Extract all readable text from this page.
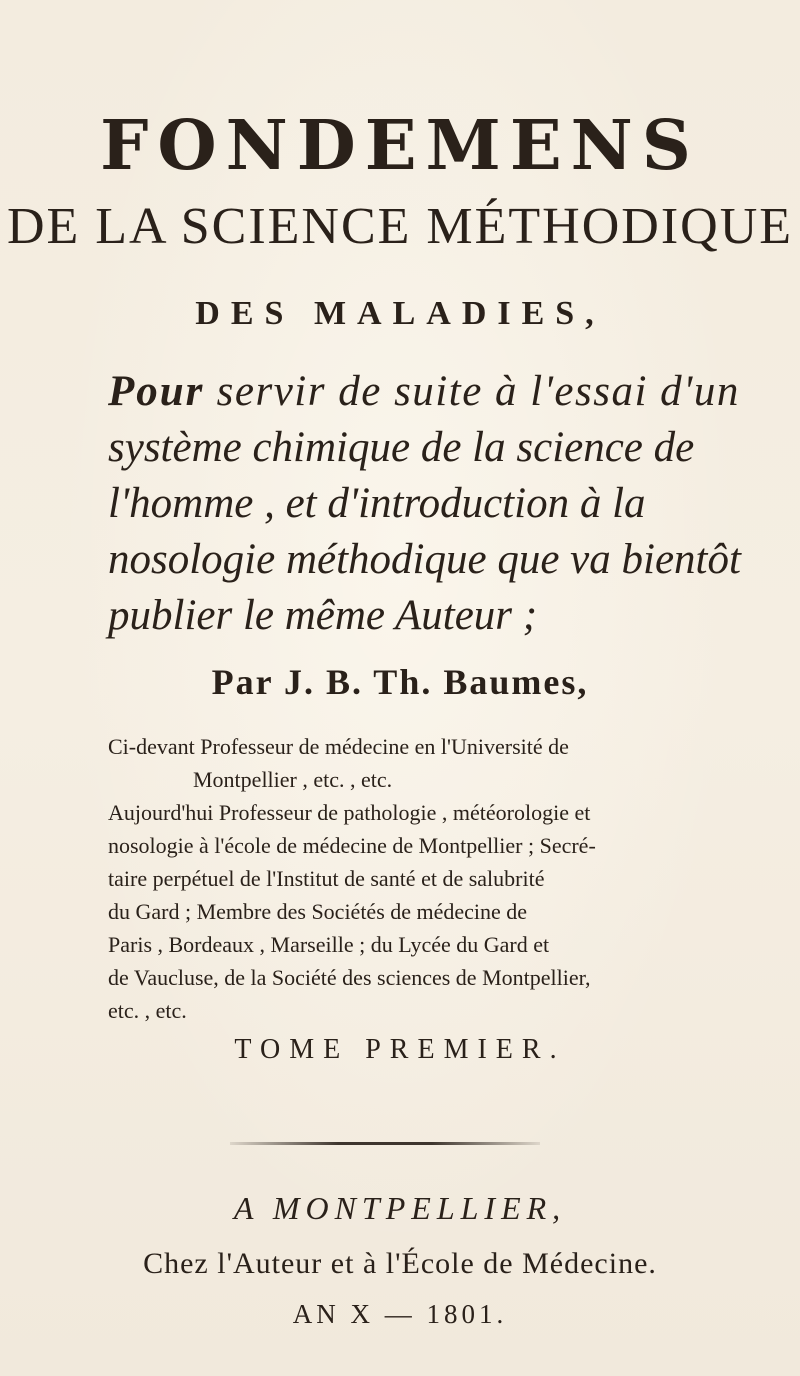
FONDEMENS
DE LA SCIENCE MÉTHODIQUE
DES MALADIES,
Pour servir de suite à l'essai d'un
système chimique de la science de
l'homme , et d'introduction à la
nosologie méthodique que va bientôt
publier le même Auteur ;
Par J. B. Th. Baumes,
Ci-devant Professeur de médecine en l'Université de
Montpellier , etc. , etc.
Aujourd'hui Professeur de pathologie , météorologie et
nosologie à l'école de médecine de Montpellier ; Secré-
taire perpétuel de l'Institut de santé et de salubrité
du Gard ; Membre des Sociétés de médecine de
Paris , Bordeaux , Marseille ; du Lycée du Gard et
de Vaucluse, de la Société des sciences de Montpellier,
etc. , etc.
TOME PREMIER.
A MONTPELLIER,
Chez l'Auteur et à l'École de Médecine.
AN X — 1801.
